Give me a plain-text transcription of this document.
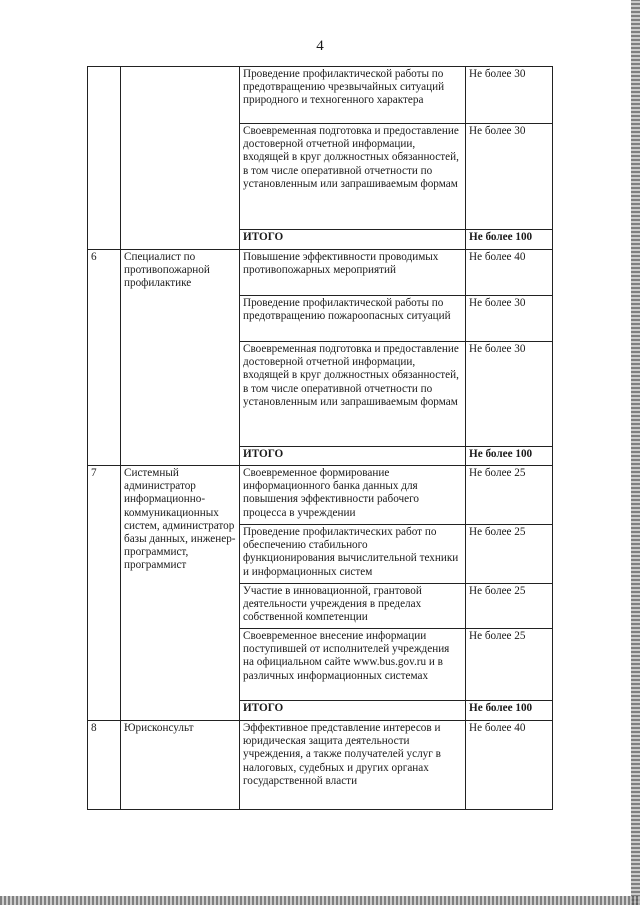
4
		Проведение профилактической работы по предотвращению чрезвычайных ситуаций природного и техногенного характера	Не более 30
		Своевременная подготовка и предоставление достоверной отчетной информации, входящей в круг должностных обязанностей, в том числе оперативной отчетности по установленным или запрашиваемым формам	Не более 30
		ИТОГО	Не более 100
6	Специалист по противопожарной профилактике	Повышение эффективности проводимых противопожарных мероприятий	Не более 40
		Проведение профилактической работы по предотвращению пожароопасных ситуаций	Не более 30
		Своевременная подготовка и предоставление достоверной отчетной информации, входящей в круг должностных обязанностей, в том числе оперативной отчетности по установленным или запрашиваемым формам	Не более 30
		ИТОГО	Не более 100
7	Системный администратор информационно-коммуникационных систем, администратор базы данных, инженер-программист, программист	Своевременное формирование информационного банка данных для повышения эффективности рабочего процесса в учреждении	Не более 25
		Проведение профилактических работ по обеспечению стабильного функционирования вычислительной техники и информационных систем	Не более 25
		Участие в инновационной, грантовой деятельности учреждения в пределах собственной компетенции	Не более 25
		Своевременное внесение информации поступившей от исполнителей учреждения на официальном сайте www.bus.gov.ru и в различных информационных системах	Не более 25
		ИТОГО	Не более 100
8	Юрисконсульт	Эффективное представление интересов и юридическая защита деятельности учреждения, а также получателей услуг в налоговых, судебных и других органах государственной власти	Не более 40
